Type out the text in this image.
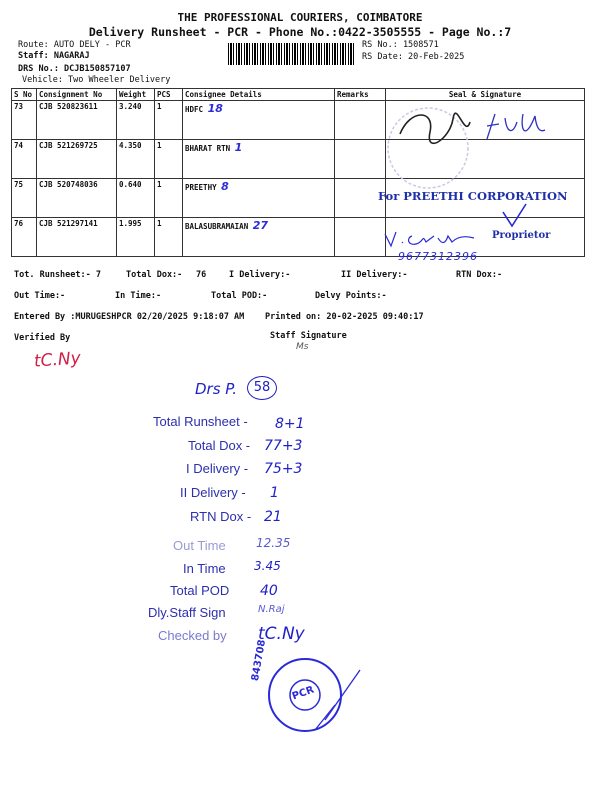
THE PROFESSIONAL COURIERS, COIMBATORE
Delivery Runsheet - PCR - Phone No.:0422-3505555 - Page No.:7
Route: AUTO DELY - PCR
Staff: NAGARAJ
DRS No.: DCJB150857107
Vehicle: Two Wheeler Delivery
RS No.: 1508571
RS Date: 20-Feb-2025
S No	Consignment No	Weight	PCS	Consignee Details	Remarks	Seal & Signature
73	CJB 520823611	3.240	1	HDFC 18		
74	CJB 521269725	4.350	1	BHARAT RTN 1		
75	CJB 520748036	0.640	1	PREETHY 8		
76	CJB 521297141	1.995	1	BALASUBRAMAIAN 27		
For PREETHI CORPORATION
Proprietor
9677312396
Tot. Runsheet:- 7	Total Dox:- 76	I Delivery:-	II Delivery:-	RTN Dox:-
Out Time:-	In Time:-	Total POD:-	Delvy Points:-
Entered By :MURUGESHPCR 02/20/2025 9:18:07 AM Printed on: 20-02-2025 09:40:17
Verified By	Staff Signature
Ms
tC.Ny
Drs P.	58
Total Runsheet - 8+1
Total Dox - 77+3
I Delivery - 75+3
II Delivery - 1
RTN Dox - 21
Out Time	12.35
In Time 3.45
Total POD 40
Dly.Staff Sign	N.Raj
Checked by tC.Ny
PCR
843708
